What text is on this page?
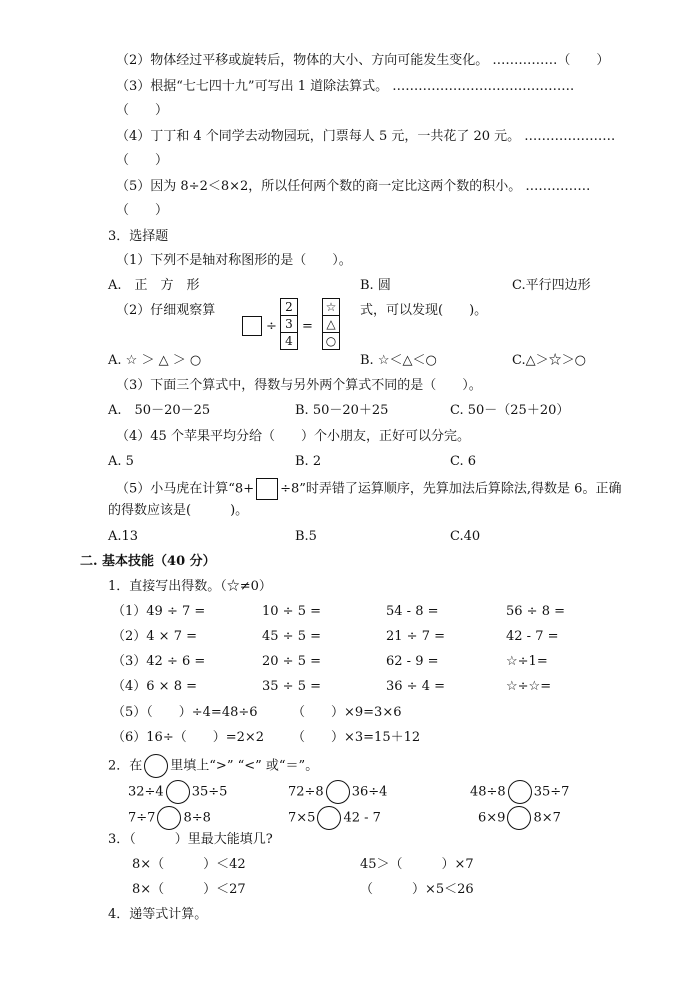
（2）物体经过平移或旋转后，物体的大小、方向可能发生变化。 ……………（　　）
（3）根据“七七四十九”可写出 1 道除法算式。 ……………………………………
（　　）
（4）丁丁和 4 个同学去动物园玩，门票每人 5 元，一共花了 20 元。 …………………
（　　）
（5）因为 8÷2＜8×2，所以任何两个数的商一定比这两个数的积小。 ……………
（　　）
3．选择题
（1）下列不是轴对称图形的是（　　）。
A.　正　方　形	B. 圆	C.平行四边形
（2）仔细观察算
÷
2
3
4
=
☆
△
○
式，可以发现(　　)。
A. ☆ ＞ △ ＞ ○	B. ☆＜△＜○	C.△＞☆＞○
（3）下面三个算式中，得数与另外两个算式不同的是（　　）。
A.　50－20－25	B. 50－20＋25	C. 50－（25＋20）
（4）45 个苹果平均分给（　　）个小朋友，正好可以分完。
A. 5	B. 2	C. 6
（5）小马虎在计算“8+ ÷8”时弄错了运算顺序，先算加法后算除法,得数是 6。正确
的得数应该是(　　　)。
A.13	B.5	C.40
二. 基本技能（40 分）
1．直接写出得数。（☆≠0）
（1）49 ÷ 7 =	10 ÷ 5 =	54 - 8 =	56 ÷ 8 =
（2）4 × 7 =	45 ÷ 5 =	21 ÷ 7 =	42 - 7 =
（3）42 ÷ 6 =	20 ÷ 5 =	62 - 9 =	☆÷1=
（4）6 × 8 =	35 ÷ 5 =	36 ÷ 4 =	☆÷☆=
（5）（　　）÷4=48÷6	（　　）×9=3×6
（6）16÷（　　）=2×2 （　　）×3=15＋12
2．在 里填上“>” “<” 或“＝”。
32÷4 35÷5	72÷8 36÷4	48÷8 35÷7
7÷7 8÷8	7×5 42 - 7	6×9 8×7
3．（　　　）里最大能填几?
8×（　　　）＜42	45＞（　　　）×7
8×（　　　）＜27	（　　　）×5＜26
4．递等式计算。
